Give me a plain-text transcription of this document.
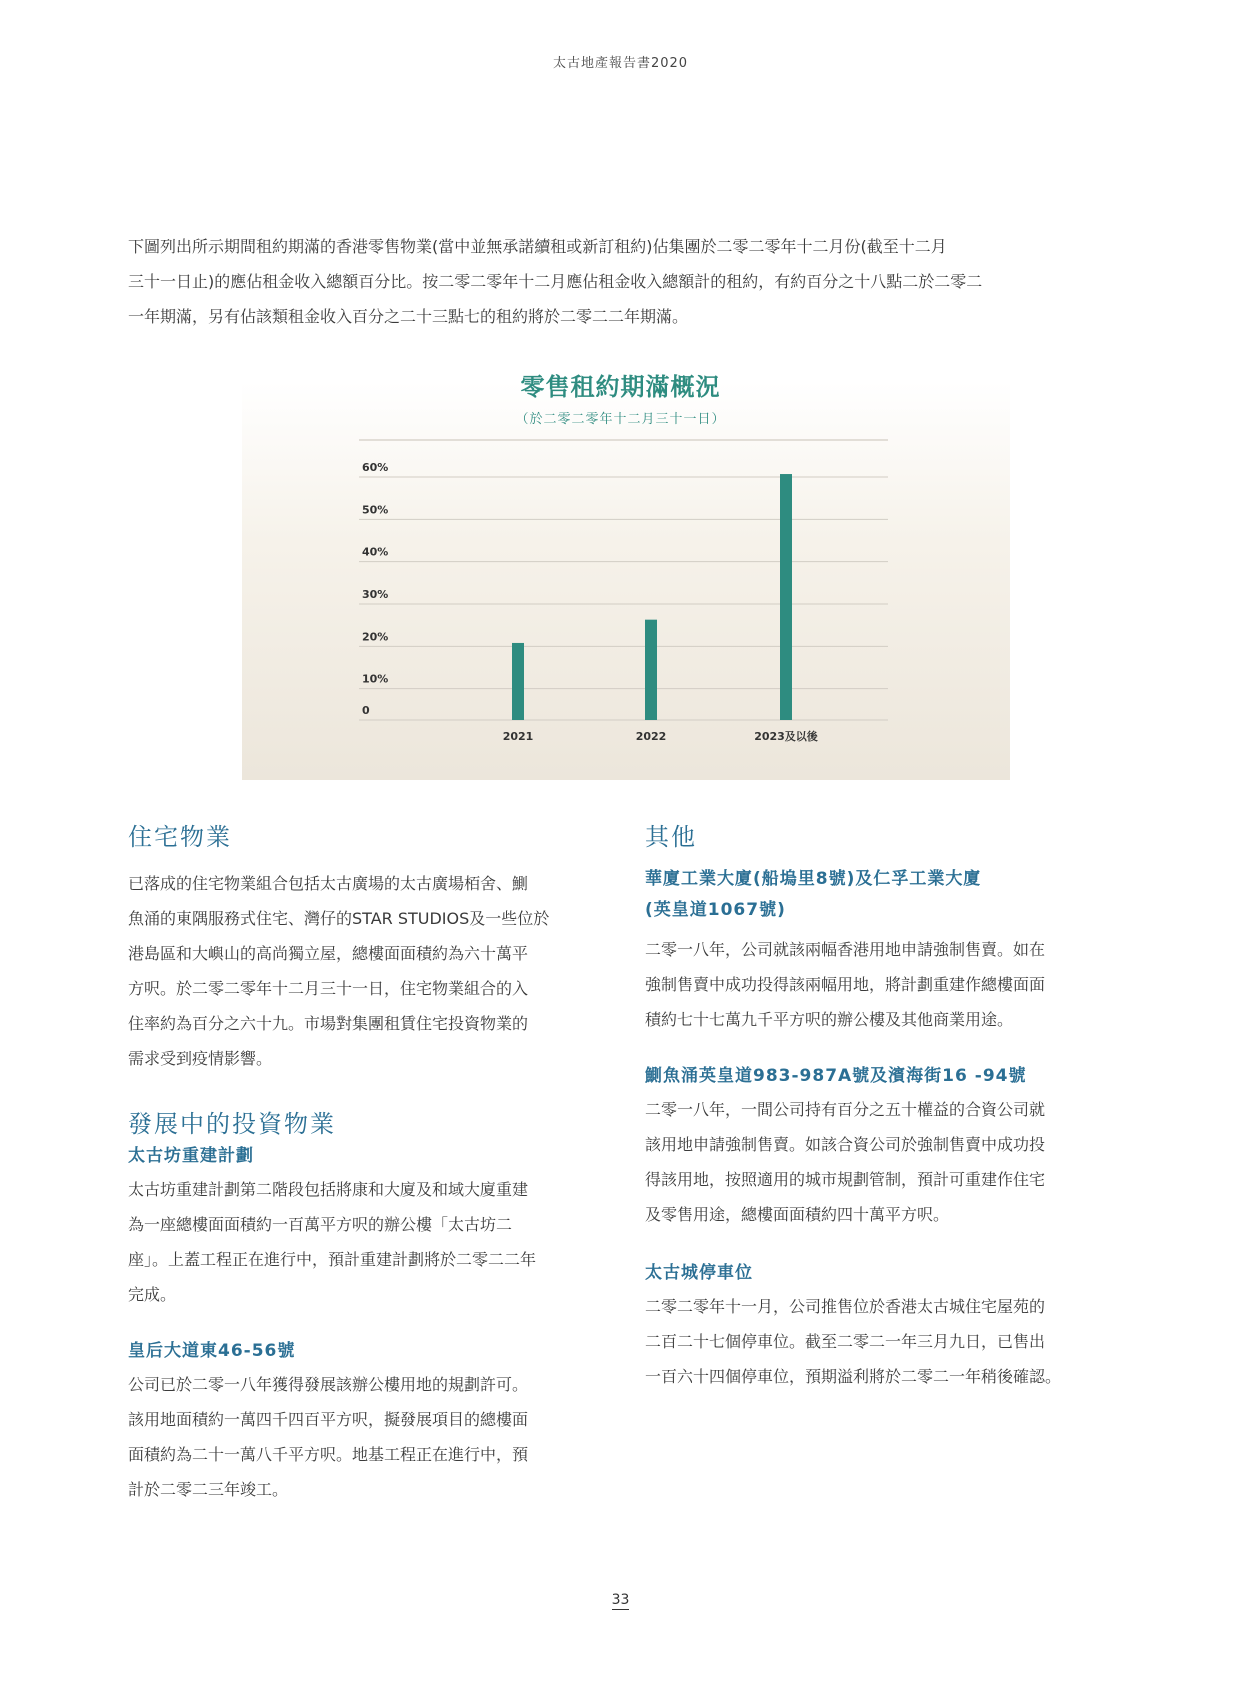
太古地產報告書2020

下圖列出所示期間租約期滿的香港零售物業(當中並無承諾續租或新訂租約)佔集團於二零二零年十二月份(截至十二月

三十一日止)的應佔租金收入總額百分比。按二零二零年十二月應佔租金收入總額計的租約，有約百分之十八點二於二零二

一年期滿，另有佔該類租金收入百分之二十三點七的租約將於二零二二年期滿。

零售租約期滿概況
（於二零二零年十二月三十一日）
0
10%
20%
30%
40%
50%
60%
2021	2022	2023及以後
住宅物業

已落成的住宅物業組合包括太古廣場的太古廣場栢舍、鰂

魚涌的東隅服務式住宅、灣仔的STAR STUDIOS及一些位於

港島區和大嶼山的高尚獨立屋，總樓面面積約為六十萬平

方呎。於二零二零年十二月三十一日，住宅物業組合的入

住率約為百分之六十九。市場對集團租賃住宅投資物業的

需求受到疫情影響。

發展中的投資物業
太古坊重建計劃

太古坊重建計劃第二階段包括將康和大廈及和域大廈重建

為一座總樓面面積約一百萬平方呎的辦公樓「太古坊二

座」。上蓋工程正在進行中，預計重建計劃將於二零二二年

完成。

皇后大道東46-56號

公司已於二零一八年獲得發展該辦公樓用地的規劃許可。

該用地面積約一萬四千四百平方呎，擬發展項目的總樓面

面積約為二十一萬八千平方呎。地基工程正在進行中，預

計於二零二三年竣工。

其他
華廈工業大廈(船塢里8號)及仁孚工業大廈
(英皇道1067號)

二零一八年，公司就該兩幅香港用地申請強制售賣。如在

強制售賣中成功投得該兩幅用地，將計劃重建作總樓面面

積約七十七萬九千平方呎的辦公樓及其他商業用途。

鰂魚涌英皇道983-987A號及濱海街16 -94號

二零一八年，一間公司持有百分之五十權益的合資公司就

該用地申請強制售賣。如該合資公司於強制售賣中成功投

得該用地，按照適用的城市規劃管制，預計可重建作住宅

及零售用途，總樓面面積約四十萬平方呎。

太古城停車位

二零二零年十一月，公司推售位於香港太古城住宅屋苑的

二百二十七個停車位。截至二零二一年三月九日，已售出

一百六十四個停車位，預期溢利將於二零二一年稍後確認。

33
